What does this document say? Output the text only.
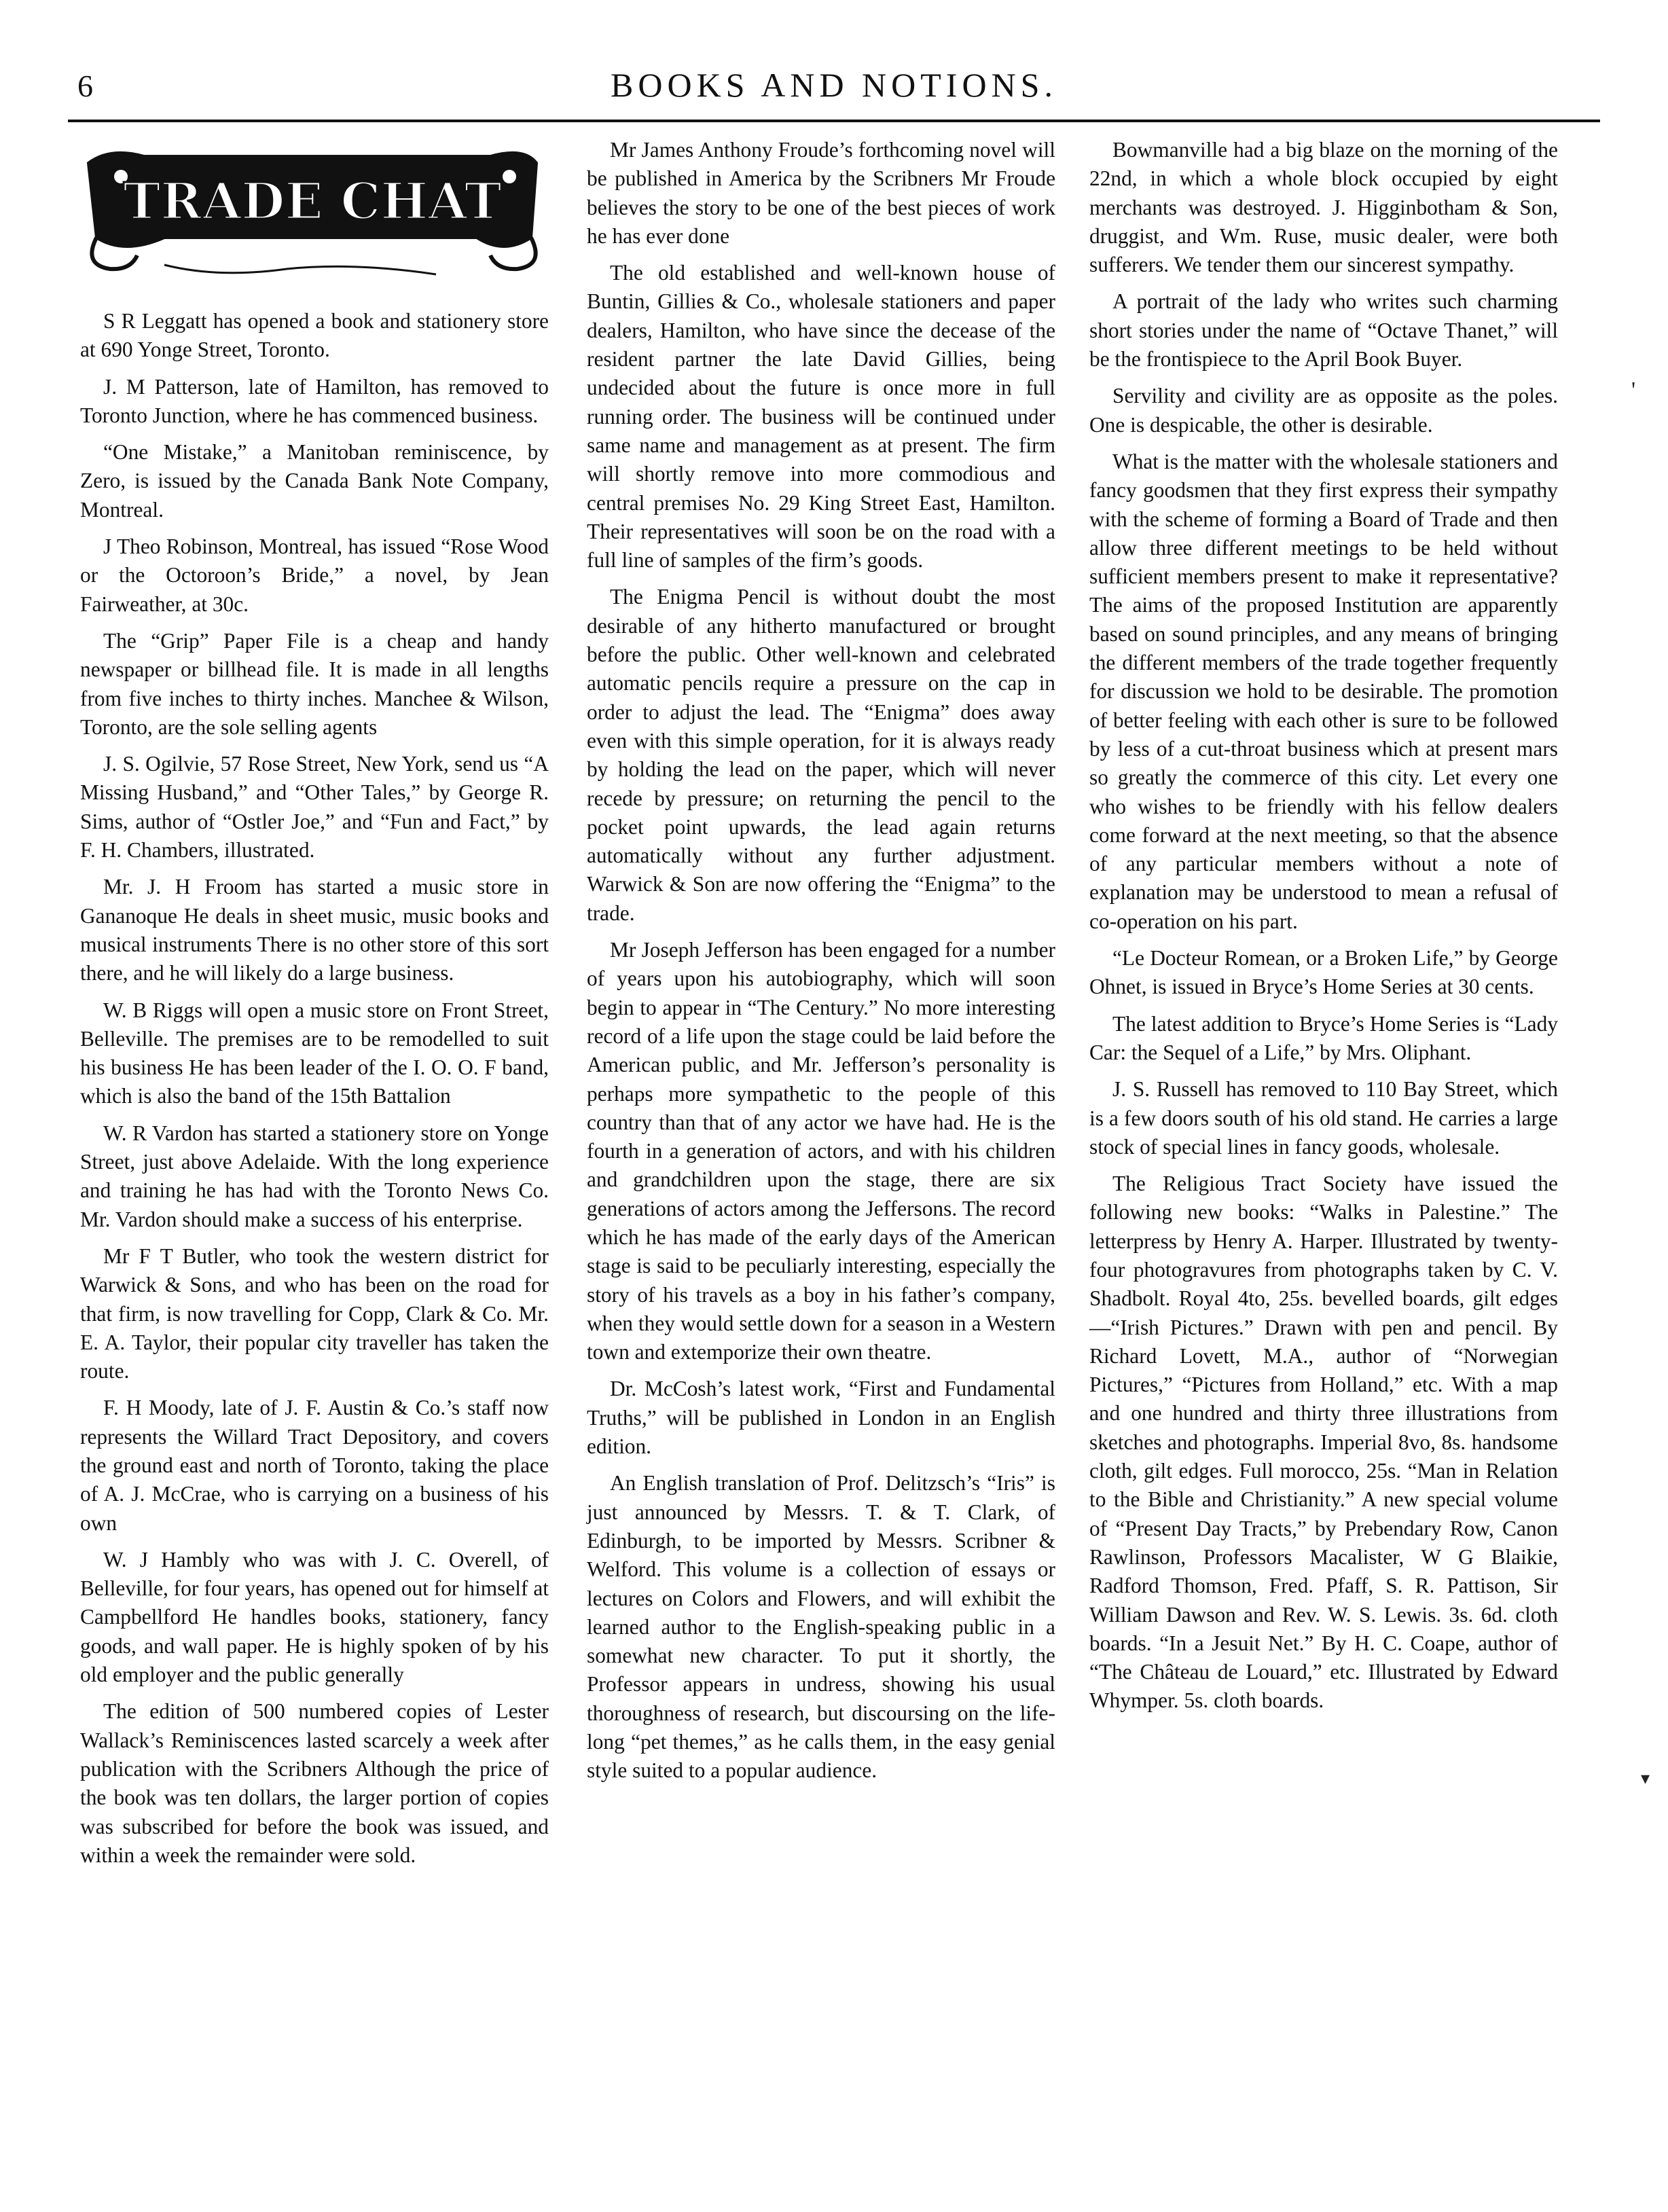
6	BOOKS AND NOTIONS.
TRADE CHAT

S R Leggatt has opened a book and stationery store at 690 Yonge Street, Toronto.

J. M Patterson, late of Hamilton, has removed to Toronto Junction, where he has commenced business.

“One Mistake,” a Manitoban reminiscence, by Zero, is issued by the Canada Bank Note Company, Montreal.

J Theo Robinson, Montreal, has issued “Rose Wood or the Octoroon’s Bride,” a novel, by Jean Fairweather, at 30c.

The “Grip” Paper File is a cheap and handy newspaper or billhead file. It is made in all lengths from five inches to thirty inches. Manchee & Wilson, Toronto, are the sole selling agents

J. S. Ogilvie, 57 Rose Street, New York, send us “A Missing Husband,” and “Other Tales,” by George R. Sims, author of “Ostler Joe,” and “Fun and Fact,” by F. H. Chambers, illustrated.

Mr. J. H Froom has started a music store in Gananoque He deals in sheet music, music books and musical instruments There is no other store of this sort there, and he will likely do a large business.

W. B Riggs will open a music store on Front Street, Belleville. The premises are to be remodelled to suit his business He has been leader of the I. O. O. F band, which is also the band of the 15th Battalion

W. R Vardon has started a stationery store on Yonge Street, just above Adelaide. With the long experience and training he has had with the Toronto News Co. Mr. Vardon should make a success of his enterprise.

Mr F T Butler, who took the western district for Warwick & Sons, and who has been on the road for that firm, is now travelling for Copp, Clark & Co. Mr. E. A. Taylor, their popular city traveller has taken the route.

F. H Moody, late of J. F. Austin & Co.’s staff now represents the Willard Tract Depository, and covers the ground east and north of Toronto, taking the place of A. J. McCrae, who is carrying on a business of his own

W. J Hambly who was with J. C. Overell, of Belleville, for four years, has opened out for himself at Campbellford He handles books, stationery, fancy goods, and wall paper. He is highly spoken of by his old employer and the public generally

The edition of 500 numbered copies of Lester Wallack’s Reminiscences lasted scarcely a week after publication with the Scribners Although the price of the book was ten dollars, the larger portion of copies was subscribed for before the book was issued, and within a week the remainder were sold.

Mr James Anthony Froude’s forthcoming novel will be published in America by the Scribners Mr Froude believes the story to be one of the best pieces of work he has ever done

The old established and well-known house of Buntin, Gillies & Co., wholesale stationers and paper dealers, Hamilton, who have since the decease of the resident partner the late David Gillies, being undecided about the future is once more in full running order. The business will be continued under same name and management as at present. The firm will shortly remove into more commodious and central premises No. 29 King Street East, Hamilton. Their representatives will soon be on the road with a full line of samples of the firm’s goods.

The Enigma Pencil is without doubt the most desirable of any hitherto manufactured or brought before the public. Other well-known and celebrated automatic pencils require a pressure on the cap in order to adjust the lead. The “Enigma” does away even with this simple operation, for it is always ready by holding the lead on the paper, which will never recede by pressure; on returning the pencil to the pocket point upwards, the lead again returns automatically without any further adjustment. Warwick & Son are now offering the “Enigma” to the trade.

Mr Joseph Jefferson has been engaged for a number of years upon his autobiography, which will soon begin to appear in “The Century.” No more interesting record of a life upon the stage could be laid before the American public, and Mr. Jefferson’s personality is perhaps more sympathetic to the people of this country than that of any actor we have had. He is the fourth in a generation of actors, and with his children and grandchildren upon the stage, there are six generations of actors among the Jeffersons. The record which he has made of the early days of the American stage is said to be peculiarly interesting, especially the story of his travels as a boy in his father’s company, when they would settle down for a season in a Western town and extemporize their own theatre.

Dr. McCosh’s latest work, “First and Fundamental Truths,” will be published in London in an English edition.

An English translation of Prof. Delitzsch’s “Iris” is just announced by Messrs. T. & T. Clark, of Edinburgh, to be imported by Messrs. Scribner & Welford. This volume is a collection of essays or lectures on Colors and Flowers, and will exhibit the learned author to the English-speaking public in a somewhat new character. To put it shortly, the Professor appears in undress, showing his usual thoroughness of research, but discoursing on the life-long “pet themes,” as he calls them, in the easy genial style suited to a popular audience.

Bowmanville had a big blaze on the morning of the 22nd, in which a whole block occupied by eight merchants was destroyed. J. Higginbotham & Son, druggist, and Wm. Ruse, music dealer, were both sufferers. We tender them our sincerest sympathy.

A portrait of the lady who writes such charming short stories under the name of “Octave Thanet,” will be the frontispiece to the April Book Buyer.

Servility and civility are as opposite as the poles. One is despicable, the other is desirable.

What is the matter with the wholesale stationers and fancy goodsmen that they first express their sympathy with the scheme of forming a Board of Trade and then allow three different meetings to be held without sufficient members present to make it representative? The aims of the proposed Institution are apparently based on sound principles, and any means of bringing the different members of the trade together frequently for discussion we hold to be desirable. The promotion of better feeling with each other is sure to be followed by less of a cut-throat business which at present mars so greatly the commerce of this city. Let every one who wishes to be friendly with his fellow dealers come forward at the next meeting, so that the absence of any particular members without a note of explanation may be understood to mean a refusal of co-operation on his part.

“Le Docteur Romean, or a Broken Life,” by George Ohnet, is issued in Bryce’s Home Series at 30 cents.

The latest addition to Bryce’s Home Series is “Lady Car: the Sequel of a Life,” by Mrs. Oliphant.

J. S. Russell has removed to 110 Bay Street, which is a few doors south of his old stand. He carries a large stock of special lines in fancy goods, wholesale.

The Religious Tract Society have issued the following new books: “Walks in Palestine.” The letterpress by Henry A. Harper. Illustrated by twenty-four photogravures from photographs taken by C. V. Shadbolt. Royal 4to, 25s. bevelled boards, gilt edges —“Irish Pictures.” Drawn with pen and pencil. By Richard Lovett, M.A., author of “Norwegian Pictures,” “Pictures from Holland,” etc. With a map and one hundred and thirty three illustrations from sketches and photographs. Imperial 8vo, 8s. handsome cloth, gilt edges. Full morocco, 25s. “Man in Relation to the Bible and Christianity.” A new special volume of “Present Day Tracts,” by Prebendary Row, Canon Rawlinson, Professors Macalister, W G Blaikie, Radford Thomson, Fred. Pfaff, S. R. Pattison, Sir William Dawson and Rev. W. S. Lewis. 3s. 6d. cloth boards. “In a Jesuit Net.” By H. C. Coape, author of “The Château de Louard,” etc. Illustrated by Edward Whymper. 5s. cloth boards.

'
▾
